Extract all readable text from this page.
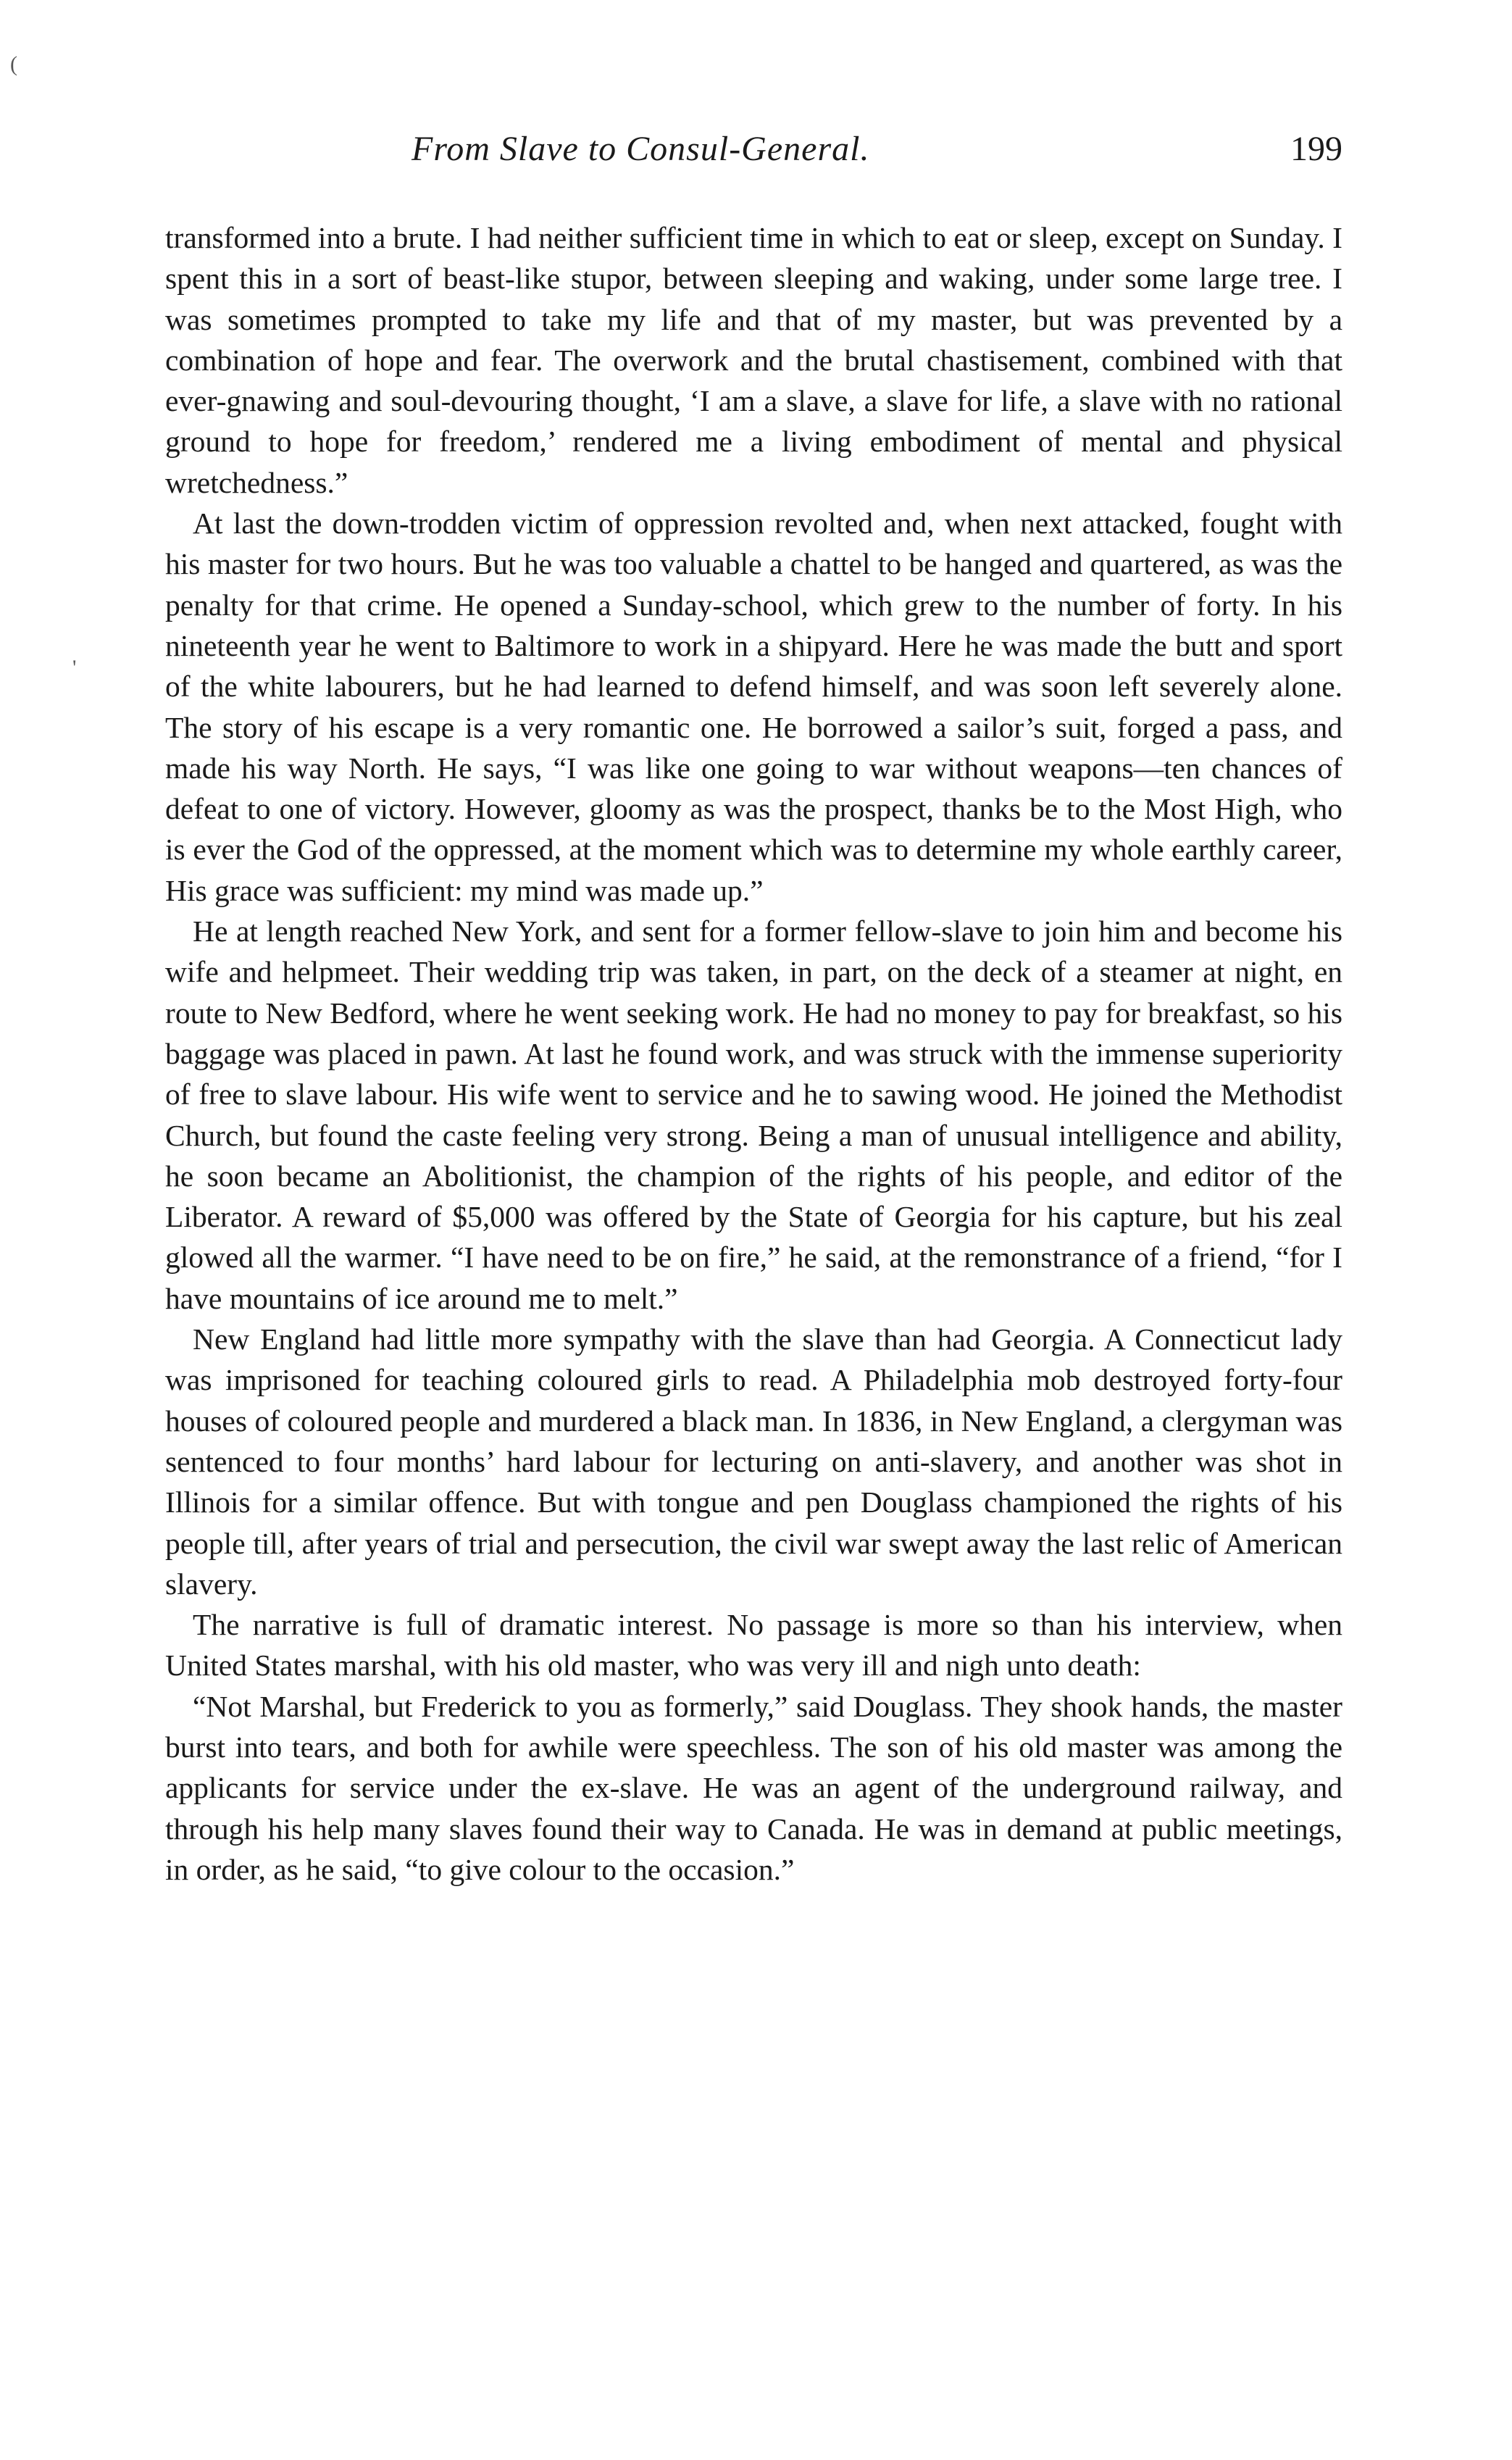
(
'
From Slave to Consul-General.	199

transformed into a brute. I had neither sufficient time in which to eat or sleep, except on Sunday. I spent this in a sort of beast-like stupor, between sleeping and waking, under some large tree. I was sometimes prompted to take my life and that of my master, but was prevented by a combination of hope and fear. The overwork and the brutal chastisement, combined with that ever-gnawing and soul-devouring thought, ‘I am a slave, a slave for life, a slave with no rational ground to hope for freedom,’ rendered me a living embodiment of mental and physical wretchedness.”

At last the down-trodden victim of oppression revolted and, when next attacked, fought with his master for two hours. But he was too valuable a chattel to be hanged and quartered, as was the penalty for that crime. He opened a Sunday-school, which grew to the number of forty. In his nineteenth year he went to Baltimore to work in a shipyard. Here he was made the butt and sport of the white labourers, but he had learned to defend himself, and was soon left severely alone. The story of his escape is a very romantic one. He borrowed a sailor’s suit, forged a pass, and made his way North. He says, “I was like one going to war without weapons—ten chances of defeat to one of victory. However, gloomy as was the prospect, thanks be to the Most High, who is ever the God of the oppressed, at the moment which was to determine my whole earthly career, His grace was sufficient: my mind was made up.”

He at length reached New York, and sent for a former fellow-slave to join him and become his wife and helpmeet. Their wedding trip was taken, in part, on the deck of a steamer at night, en route to New Bedford, where he went seeking work. He had no money to pay for breakfast, so his baggage was placed in pawn. At last he found work, and was struck with the immense superiority of free to slave labour. His wife went to service and he to sawing wood. He joined the Methodist Church, but found the caste feeling very strong. Being a man of unusual intelligence and ability, he soon became an Abolitionist, the champion of the rights of his people, and editor of the Liberator. A reward of $5,000 was offered by the State of Georgia for his capture, but his zeal glowed all the warmer. “I have need to be on fire,” he said, at the remonstrance of a friend, “for I have mountains of ice around me to melt.”

New England had little more sympathy with the slave than had Georgia. A Connecticut lady was imprisoned for teaching coloured girls to read. A Philadelphia mob destroyed forty-four houses of coloured people and murdered a black man. In 1836, in New England, a clergyman was sentenced to four months’ hard labour for lecturing on anti-slavery, and another was shot in Illinois for a similar offence. But with tongue and pen Douglass championed the rights of his people till, after years of trial and persecution, the civil war swept away the last relic of American slavery.

The narrative is full of dramatic interest. No passage is more so than his interview, when United States marshal, with his old master, who was very ill and nigh unto death:

“Not Marshal, but Frederick to you as formerly,” said Douglass. They shook hands, the master burst into tears, and both for awhile were speechless. The son of his old master was among the applicants for service under the ex-slave. He was an agent of the underground railway, and through his help many slaves found their way to Canada. He was in demand at public meetings, in order, as he said, “to give colour to the occasion.”
